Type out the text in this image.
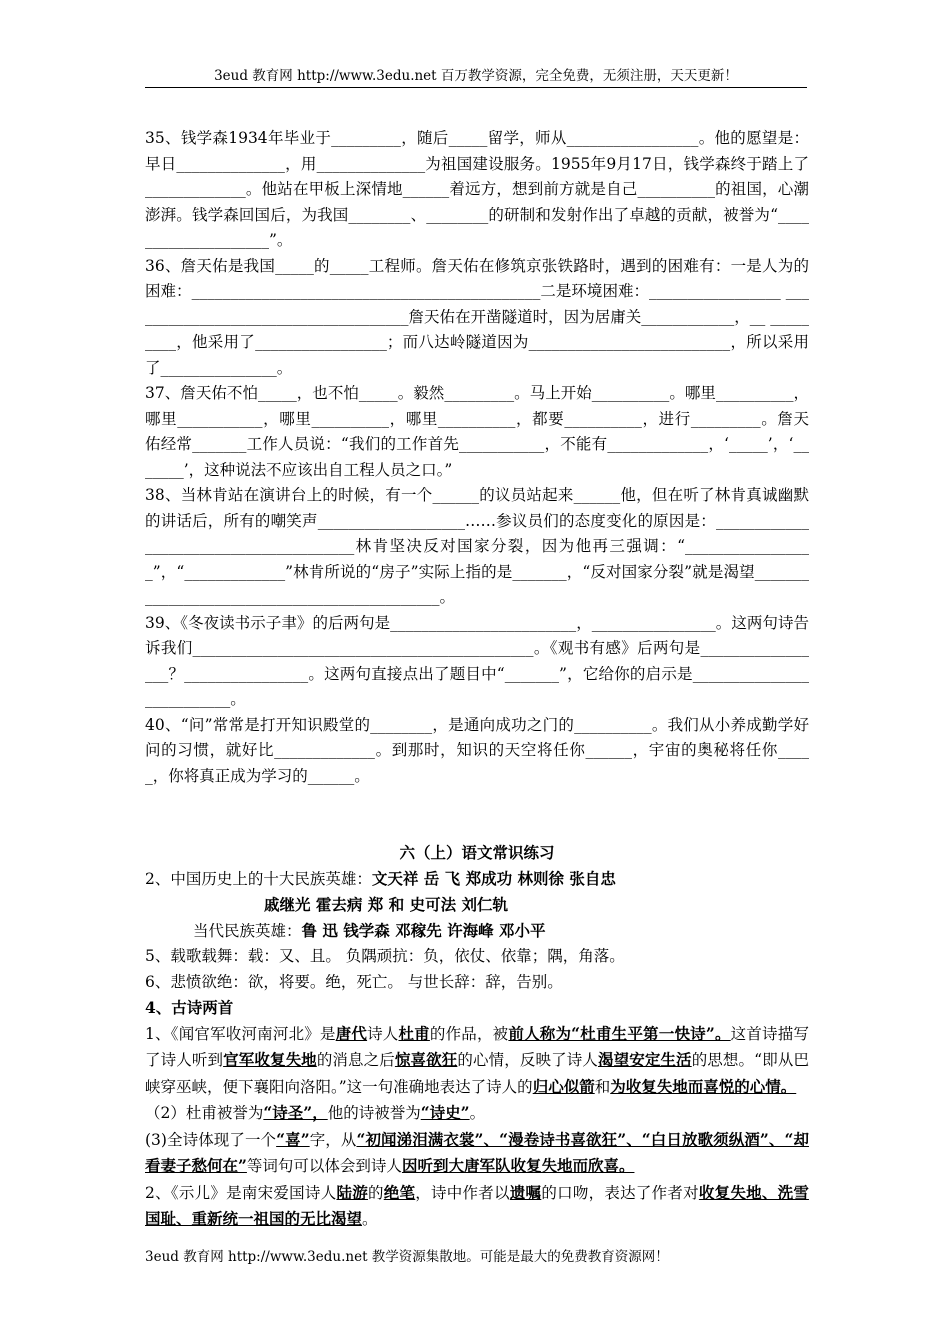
3eud 教育网 http://www.3edu.net 百万教学资源，完全免费，无须注册，天天更新！

35、钱学森1934年毕业于_________，随后_____留学，师从_________________。他的愿望是：早日______________，用______________为祖国建设服务。1955年9月17日，钱学森终于踏上了_____________。他站在甲板上深情地______着远方，想到前方就是自己__________的祖国，心潮澎湃。钱学森回国后，为我国________、________的研制和发射作出了卓越的贡献，被誉为“____________________”。

36、詹天佑是我国_____的_____工程师。詹天佑在修筑京张铁路时，遇到的困难有：一是人为的困难：_____________________________________________二是环境困难：_________________ _____________________________________詹天佑在开凿隧道时，因为居庸关____________，__ _________，他采用了_________________；而八达岭隧道因为__________________________，所以采用了_______________。

37、詹天佑不怕_____，也不怕_____。毅然_________。马上开始__________。哪里__________，哪里___________，哪里__________，哪里__________，都要__________，进行_________。詹天佑经常_______工作人员说：“我们的工作首先___________，不能有_____________，‘_____’，‘_______’，这种说法不应该出自工程人员之口。”

38、当林肯站在演讲台上的时候，有一个______的议员站起来______他，但在听了林肯真诚幽默的讲话后，所有的嘲笑声___________________……参议员们的态度变化的原因是：_______________________________________林肯坚决反对国家分裂，因为他再三强调：“_________________”，“_____________”林肯所说的“房子”实际上指的是_______，“反对国家分裂”就是渴望_____________________________________________。

39、《冬夜读书示子聿》的后两句是________________________，________________。这两句诗告诉我们____________________________________________。《观书有感》后两句是_________________？________________。这两句直接点出了题目中“_______”，它给你的启示是__________________________。

40、“问”常常是打开知识殿堂的________，是通向成功之门的__________。我们从小养成勤学好问的习惯，就好比_____________。到那时，知识的天空将任你______，宇宙的奥秘将任你_____，你将真正成为学习的______。

六（上）语文常识练习

2、中国历史上的十大民族英雄：文天祥 岳 飞 郑成功 林则徐 张自忠

戚继光 霍去病 郑 和 史可法 刘仁轨

当代民族英雄：鲁 迅 钱学森 邓稼先 许海峰 邓小平

5、载歌载舞：载：又、且。 负隅顽抗：负，依仗、依靠；隅，角落。

6、悲愤欲绝：欲，将要。绝，死亡。 与世长辞：辞，告别。

4、古诗两首

1、《闻官军收河南河北》是唐代诗人杜甫的作品，被前人称为“杜甫生平第一快诗”。这首诗描写了诗人听到官军收复失地的消息之后惊喜欲狂的心情，反映了诗人渴望安定生活的思想。“即从巴峡穿巫峡，便下襄阳向洛阳。”这一句准确地表达了诗人的归心似箭和为收复失地而喜悦的心情。

（2）杜甫被誉为“诗圣”，他的诗被誉为“诗史”。

(3)全诗体现了一个“喜”字，从“初闻涕泪满衣裳”、“漫卷诗书喜欲狂”、“白日放歌须纵酒”、“却看妻子愁何在”等词句可以体会到诗人因听到大唐军队收复失地而欣喜。

2、《示儿》是南宋爱国诗人陆游的绝笔，诗中作者以遗嘱的口吻，表达了作者对收复失地、洗雪国耻、重新统一祖国的无比渴望。

3eud 教育网 http://www.3edu.net 教学资源集散地。可能是最大的免费教育资源网！
